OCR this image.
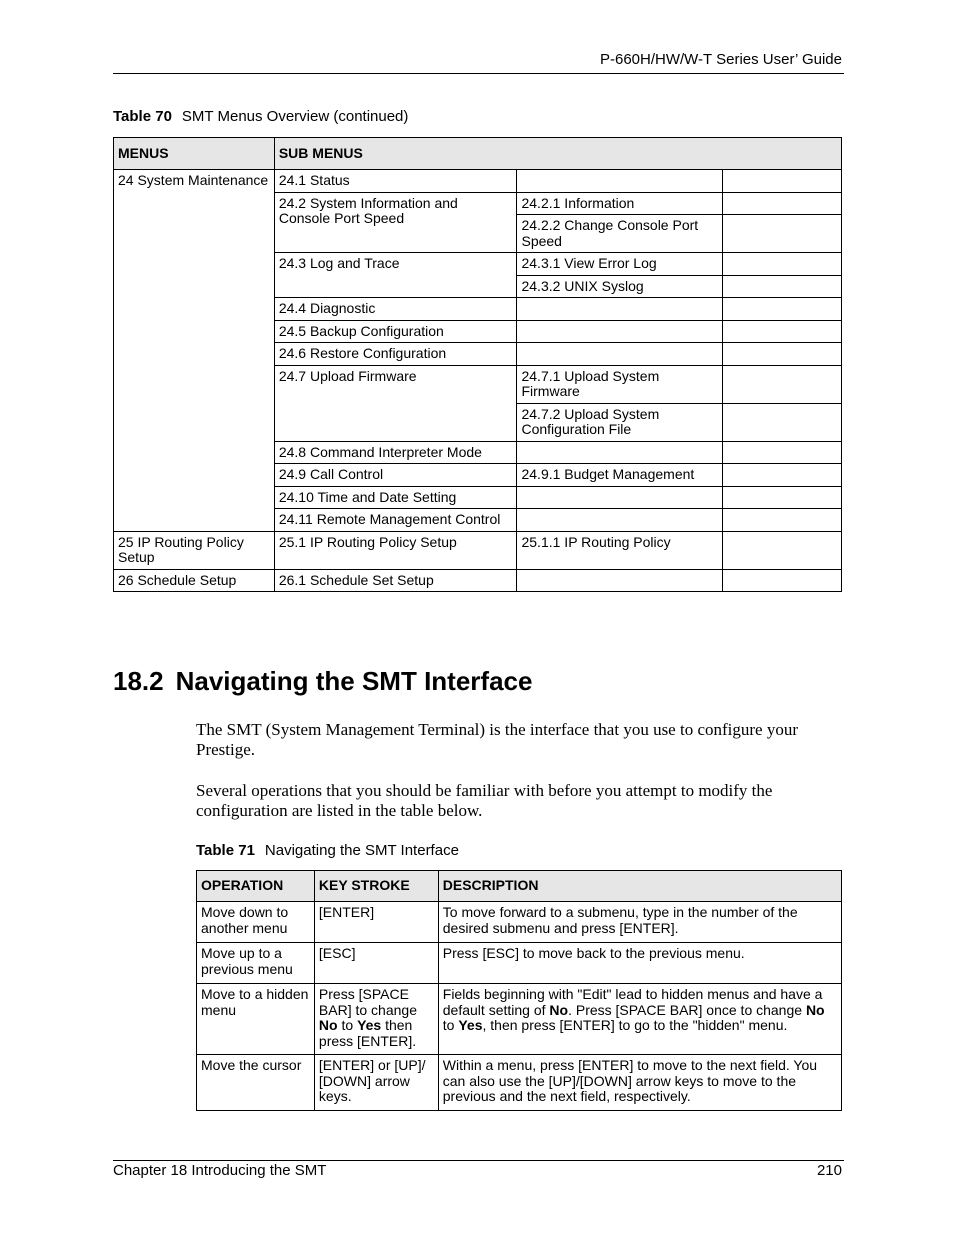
P-660H/HW/W-T Series User’ Guide
Table 70 SMT Menus Overview (continued)
MENUS	SUB MENUS		
24 System Maintenance	24.1 Status		
	24.2 System Information and Console Port Speed	24.2.1 Information	
		24.2.2 Change Console Port Speed	
	24.3 Log and Trace	24.3.1 View Error Log	
		24.3.2 UNIX Syslog	
	24.4 Diagnostic		
	24.5 Backup Configuration		
	24.6 Restore Configuration		
	24.7 Upload Firmware	24.7.1 Upload System Firmware	
		24.7.2 Upload System Configuration File	
	24.8 Command Interpreter Mode		
	24.9 Call Control	24.9.1 Budget Management	
	24.10 Time and Date Setting		
	24.11 Remote Management Control		
25 IP Routing Policy Setup	25.1 IP Routing Policy Setup	25.1.1 IP Routing Policy	
26 Schedule Setup	26.1 Schedule Set Setup		
18.2 Navigating the SMT Interface
The SMT (System Management Terminal) is the interface that you use to configure your Prestige.
Several operations that you should be familiar with before you attempt to modify the configuration are listed in the table below.
Table 71 Navigating the SMT Interface
OPERATION	KEY STROKE	DESCRIPTION
Move down to another menu	[ENTER]	To move forward to a submenu, type in the number of the desired submenu and press [ENTER].
Move up to a previous menu	[ESC]	Press [ESC] to move back to the previous menu.
Move to a hidden menu	Press [SPACE BAR] to change No to Yes then press [ENTER].	Fields beginning with "Edit" lead to hidden menus and have a default setting of No. Press [SPACE BAR] once to change No to Yes, then press [ENTER] to go to the "hidden" menu.
Move the cursor	[ENTER] or [UP]/ [DOWN] arrow keys.	Within a menu, press [ENTER] to move to the next field. You can also use the [UP]/[DOWN] arrow keys to move to the previous and the next field, respectively.
Chapter 18 Introducing the SMT	210
